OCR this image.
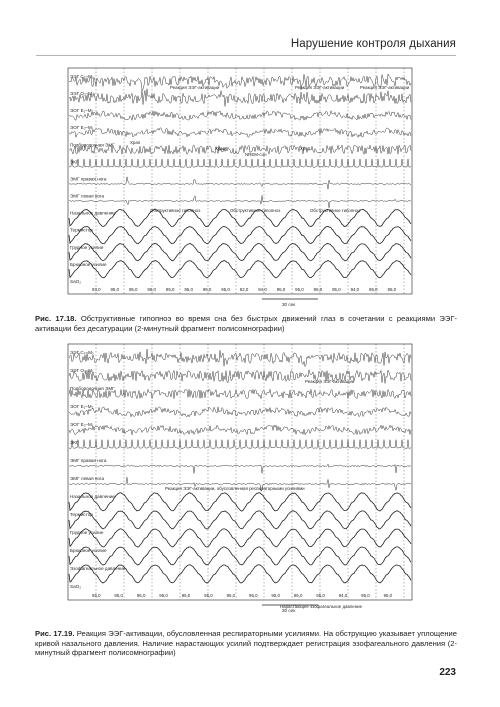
Нарушение контроля дыхания
ЭЭГ C₃–M₂
ЭЭГ O₂–M₁
ЭОГ E₁–M₂
ЭОГ E₂–M₁
Подбородочная ЭМГ
ЭКГ
ЭМГ правая нога
ЭМГ левая нога
Назальное давление
Термистор
Грудное усилие
Брюшное усилие
SaO₂
93,0 95,0 95,0 95,0 95,0 95,0 95,0 95,0 92,0 94,0 95,0 95,0 95,0 95,0 94,0 95,0 95,0
30 сек
Реакция ЭЭГ-активации	Реакция ЭЭГ-активации	Реакция ЭЭГ-активации
Храп
Храп	Храп
NREM-сон
Обструктивное гипопноэ	Обструктивное гипопноэ	Обструктивное гипопноэ
Рис. 17.18. Обструктивные гипопноэ во время сна без быстрых движений глаз в сочетании с реакциями ЭЭГ-активации без десатурации (2-минутный фрагмент полисомнографии)
ЭЭГ C₃–M₂
ЭЭГ O₂–M₁
Подбородочная ЭМГ
ЭОГ E₁–M₂
ЭОГ E₂–M₁
ЭКГ
ЭМГ правая нога
ЭМГ левая нога
Назальное давление
Термистор
Грудное усилие
Брюшное усилие
Эзофагеальное давление
SaO₂
95,0	95,0	95,0	95,0	95,0	95,0	95,0	95,0	95,0	95,0	95,0	94,0	95,0	95,0
30 сек
Реакция ЭЭГ-активации
Реакция ЭЭГ-активации, обусловленная респираторными усилиями
Нарастающее эзофагеальное давление
Рис. 17.19. Реакция ЭЭГ-активации, обусловленная респираторными усилиями. На обструкцию указывает уплощение кривой назального давления. Наличие нарастающих усилий подтверждает регистрация эзофагеального давления (2-минутный фрагмент полисомнографии)
223
